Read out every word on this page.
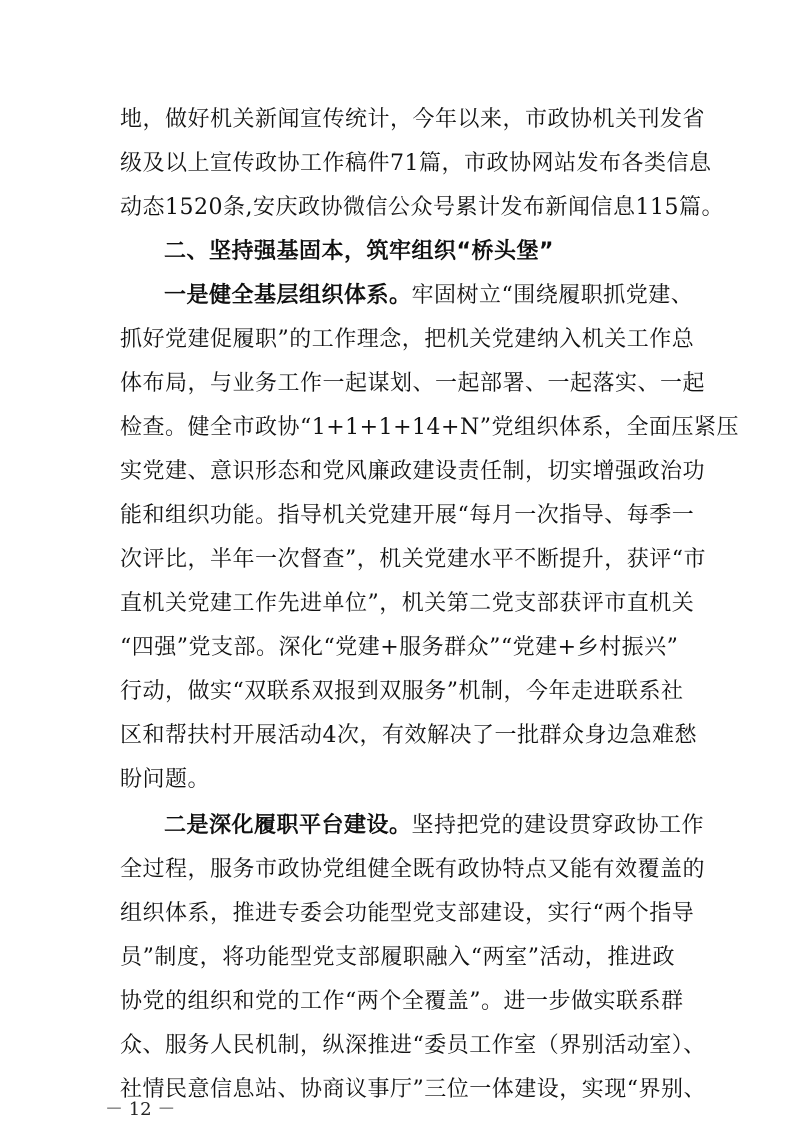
地，做好机关新闻宣传统计，今年以来，市政协机关刊发省
级及以上宣传政协工作稿件71篇，市政协网站发布各类信息
动态1520条,安庆政协微信公众号累计发布新闻信息115篇。
二、坚持强基固本，筑牢组织“桥头堡”
一是健全基层组织体系。牢固树立“围绕履职抓党建、
抓好党建促履职”的工作理念，把机关党建纳入机关工作总
体布局，与业务工作一起谋划、一起部署、一起落实、一起
检查。健全市政协“1+1+1+14+N”党组织体系，全面压紧压
实党建、意识形态和党风廉政建设责任制，切实增强政治功
能和组织功能。指导机关党建开展“每月一次指导、每季一
次评比，半年一次督查”，机关党建水平不断提升，获评“市
直机关党建工作先进单位”，机关第二党支部获评市直机关
“四强”党支部。深化“党建+服务群众”“党建+乡村振兴”
行动，做实“双联系双报到双服务”机制，今年走进联系社
区和帮扶村开展活动4次，有效解决了一批群众身边急难愁
盼问题。
二是深化履职平台建设。坚持把党的建设贯穿政协工作
全过程，服务市政协党组健全既有政协特点又能有效覆盖的
组织体系，推进专委会功能型党支部建设，实行“两个指导
员”制度，将功能型党支部履职融入“两室”活动，推进政
协党的组织和党的工作“两个全覆盖”。进一步做实联系群
众、服务人民机制，纵深推进“委员工作室（界别活动室）、
社情民意信息站、协商议事厅”三位一体建设，实现“界别、
－ 12 －
